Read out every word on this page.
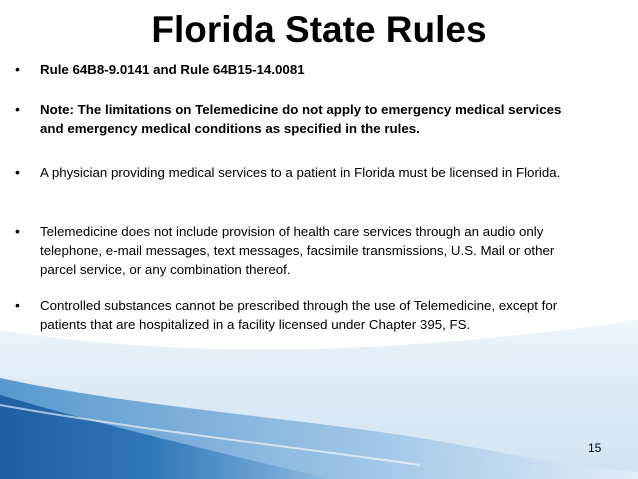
Florida State Rules
• Rule 64B8-9.0141 and Rule 64B15-14.0081
• Note: The limitations on Telemedicine do not apply to emergency medical services and emergency medical conditions as specified in the rules.
• A physician providing medical services to a patient in Florida must be licensed in Florida.
• Telemedicine does not include provision of health care services through an audio only telephone, e-mail messages, text messages, facsimile transmissions, U.S. Mail or other parcel service, or any combination thereof.
• Controlled substances cannot be prescribed through the use of Telemedicine, except for patients that are hospitalized in a facility licensed under Chapter 395, FS.
15
